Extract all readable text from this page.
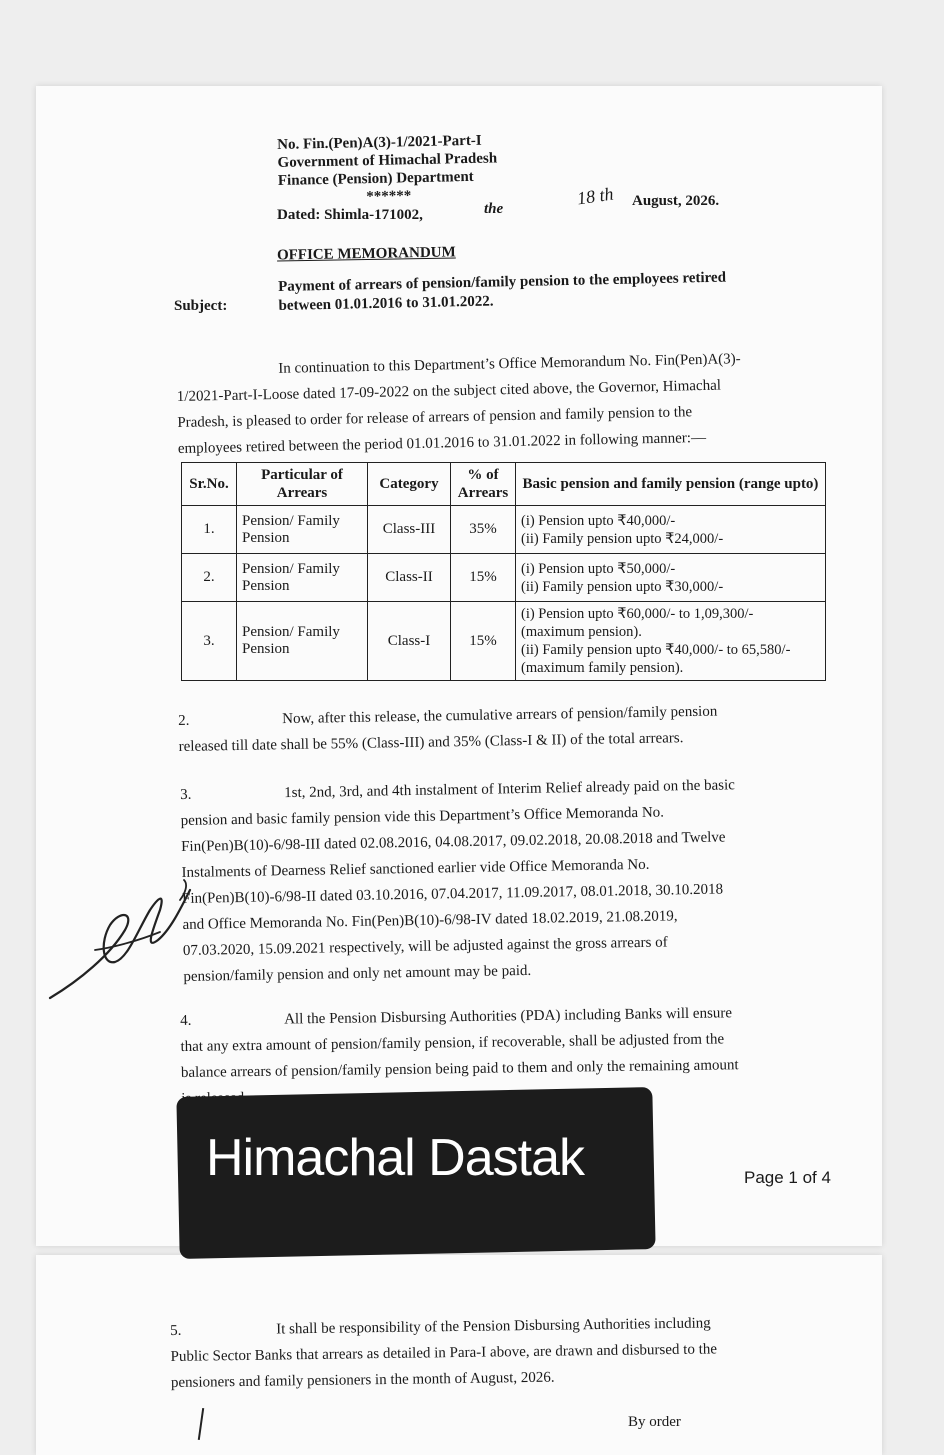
No. Fin.(Pen)A(3)-1/2021-Part-I
Government of Himachal Pradesh
Finance (Pension) Department
******
Dated: Shimla-171002,	the
18 th August, 2026.
OFFICE MEMORANDUM
Subject:
Payment of arrears of pension/family pension to the employees retired
between 01.01.2016 to 31.01.2022.
In continuation to this Department’s Office Memorandum No. Fin(Pen)A(3)-
1/2021-Part-I-Loose dated 17-09-2022 on the subject cited above, the Governor, Himachal
Pradesh, is pleased to order for release of arrears of pension and family pension to the
employees retired between the period 01.01.2016 to 31.01.2022 in following manner:—
Sr.No.	Particular of Arrears	Category	% of Arrears	Basic pension and family pension (range upto)
1.	Pension/ Family Pension	Class-III	35%	(i) Pension upto ₹40,000/-
(ii) Family pension upto ₹24,000/-

2.	Pension/ Family Pension	Class-II	15%	(i) Pension upto ₹50,000/-
(ii) Family pension upto ₹30,000/-

3.	Pension/ Family Pension	Class-I	15%	(i) Pension upto ₹60,000/- to 1,09,300/- (maximum pension).
(ii) Family pension upto ₹40,000/- to 65,580/- (maximum family pension).
2.	Now, after this release, the cumulative arrears of pension/family pension
released till date shall be 55% (Class-III) and 35% (Class-I & II) of the total arrears.
3.	1st, 2nd, 3rd, and 4th instalment of Interim Relief already paid on the basic
pension and basic family pension vide this Department’s Office Memoranda No.
Fin(Pen)B(10)-6/98-III dated 02.08.2016, 04.08.2017, 09.02.2018, 20.08.2018 and Twelve
Instalments of Dearness Relief sanctioned earlier vide Office Memoranda No.
Fin(Pen)B(10)-6/98-II dated 03.10.2016, 07.04.2017, 11.09.2017, 08.01.2018, 30.10.2018
and Office Memoranda No. Fin(Pen)B(10)-6/98-IV dated 18.02.2019, 21.08.2019,
07.03.2020, 15.09.2021 respectively, will be adjusted against the gross arrears of
pension/family pension and only net amount may be paid.
4.	All the Pension Disbursing Authorities (PDA) including Banks will ensure
that any extra amount of pension/family pension, if recoverable, shall be adjusted from the
balance arrears of pension/family pension being paid to them and only the remaining amount
Himachal Dastak	Page 1 of 4
5.	It shall be responsibility of the Pension Disbursing Authorities including
Public Sector Banks that arrears as detailed in Para-I above, are drawn and disbursed to the
pensioners and family pensioners in the month of August, 2026.
By order
